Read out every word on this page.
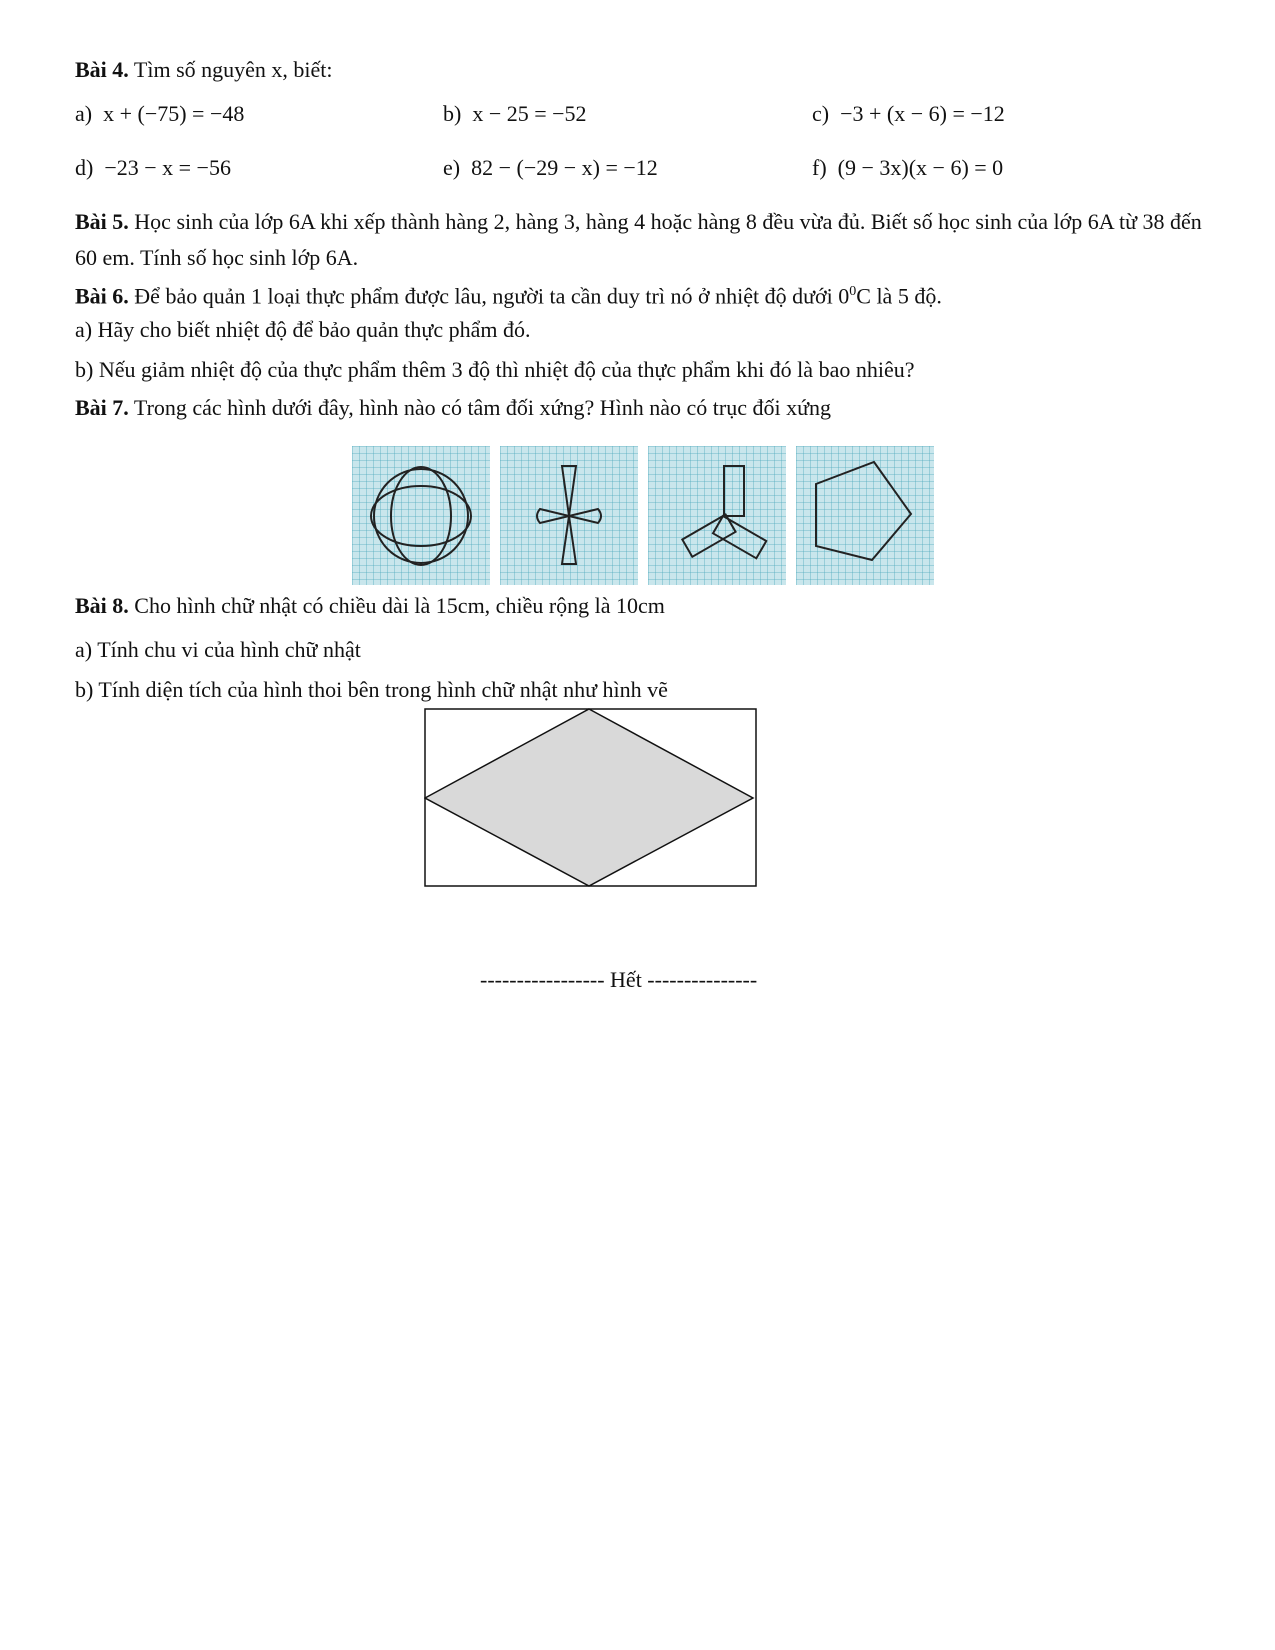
Bài 4. Tìm số nguyên x, biết:
a) x + (−75) = −48	b) x − 25 = −52	c) −3 + (x − 6) = −12
d) −23 − x = −56	e) 82 − (−29 − x) = −12	f) (9 − 3x)(x − 6) = 0
Bài 5. Học sinh của lớp 6A khi xếp thành hàng 2, hàng 3, hàng 4 hoặc hàng 8 đều vừa đủ. Biết số học sinh của lớp 6A từ 38 đến 60 em. Tính số học sinh lớp 6A.
Bài 6. Để bảo quản 1 loại thực phẩm được lâu, người ta cần duy trì nó ở nhiệt độ dưới $0^0C$ là 5 độ.
a) Hãy cho biết nhiệt độ để bảo quản thực phẩm đó.
b) Nếu giảm nhiệt độ của thực phẩm thêm 3 độ thì nhiệt độ của thực phẩm khi đó là bao nhiêu?
Bài 7. Trong các hình dưới đây, hình nào có tâm đối xứng? Hình nào có trục đối xứng
Bài 8. Cho hình chữ nhật có chiều dài là 15cm, chiều rộng là 10cm
a) Tính chu vi của hình chữ nhật
b) Tính diện tích của hình thoi bên trong hình chữ nhật như hình vẽ
----------------- Hết ---------------
